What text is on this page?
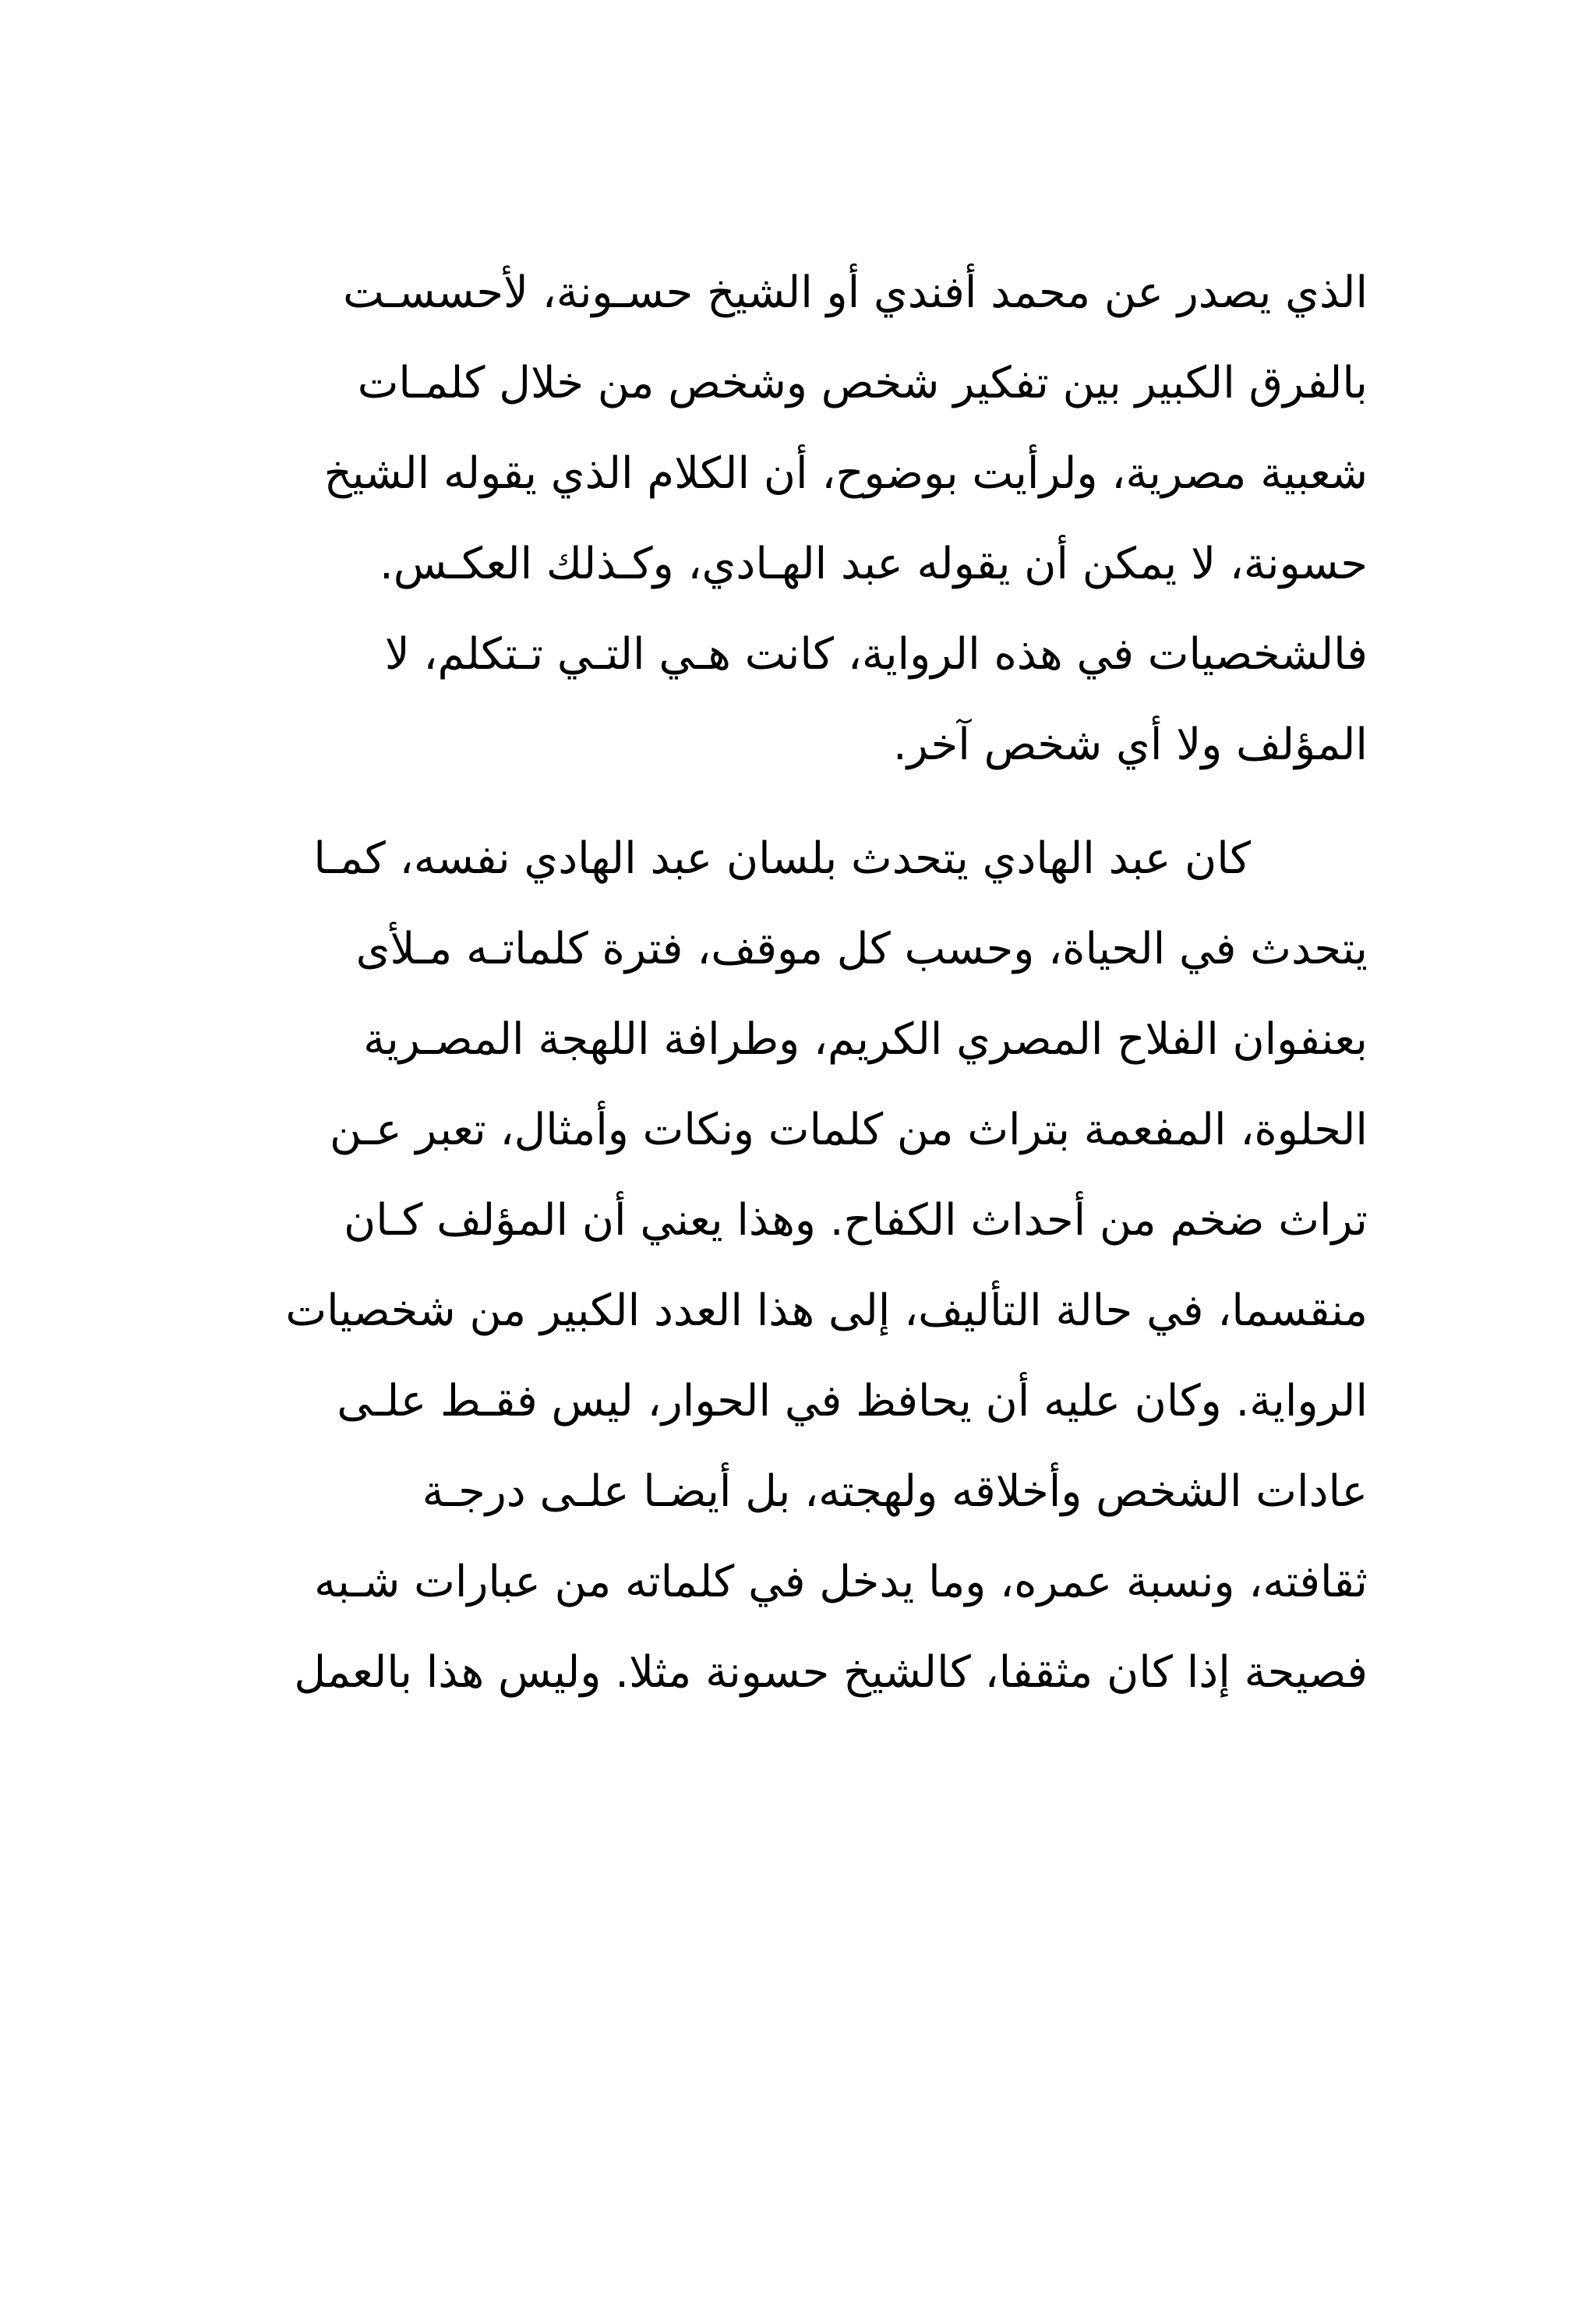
الذي يصدر عن محمد أفندي أو الشيخ حسـونة، لأحسسـت
بالفرق الكبير بين تفكير شخص وشخص من خلال كلمـات
شعبية مصرية، ولرأيت بوضوح، أن الكلام الذي يقوله الشيخ
حسونة، لا يمكن أن يقوله عبد الهـادي، وكـذلك العكـس.
فالشخصيات في هذه الرواية، كانت هـي التـي تـتكلم، لا
المؤلف ولا أي شخص آخر.
كان عبد الهادي يتحدث بلسان عبد الهادي نفسه، كمـا
يتحدث في الحياة، وحسب كل موقف، فترة كلماتـه مـلأى
بعنفوان الفلاح المصري الكريم، وطرافة اللهجة المصـرية
الحلوة، المفعمة بتراث من كلمات ونكات وأمثال، تعبر عـن
تراث ضخم من أحداث الكفاح. وهذا يعني أن المؤلف كـان
منقسما، في حالة التأليف، إلى هذا العدد الكبير من شخصيات
الرواية. وكان عليه أن يحافظ في الحوار، ليس فقـط علـى
عادات الشخص وأخلاقه ولهجته، بل أيضـا علـى درجـة
ثقافته، ونسبة عمره، وما يدخل في كلماته من عبارات شـبه
فصيحة إذا كان مثقفا، كالشيخ حسونة مثلا. وليس هذا بالعمل
